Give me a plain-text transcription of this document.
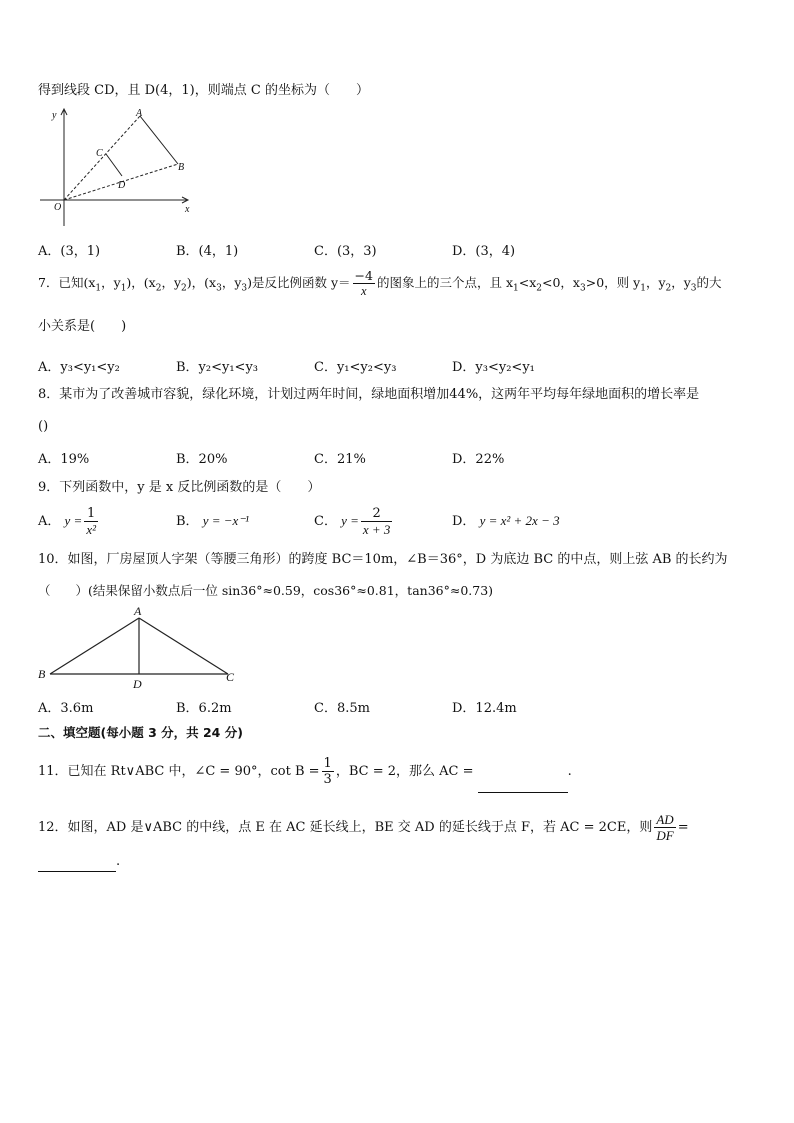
得到线段 CD，且 D(4，1)，则端点 C 的坐标为（　　）
y
x
O
A
B
C
D
A．(3，1)	B．(4，1)	C．(3，3)	D．(3，4)
7．已知($x_1$，$y_1$)，($x_2$，$y_2$)，($x_3$，$y_3$)是反比例函数 $y= \frac{-4}{x}$ 的图象上的三个点，且 $x_1<x_2<0$，$x_3>0$，则 $y_1$，$y_2$，$y_3$的大
小关系是(　　)
A．y₃<y₁<y₂	B．y₂<y₁<y₃	C．y₁<y₂<y₃	D．y₃<y₂<y₁
8．某市为了改善城市容貌，绿化环境，计划过两年时间，绿地面积增加44%，这两年平均每年绿地面积的增长率是
()
A．19%	B．20%	C．21%	D．22%
9．下列函数中，y 是 x 反比例函数的是（　　）
A． $y = \frac{1}{\text{x²}}$	B． y = −x⁻¹	C． $y = \frac{2}{x + 3}$	D． y = x² + 2x − 3
10．如图，厂房屋顶人字架（等腰三角形）的跨度 BC＝10m，∠B＝36°，D 为底边 BC 的中点，则上弦 AB 的长约为
（　　）(结果保留小数点后一位 sin36°≈0.59，cos36°≈0.81，tan36°≈0.73)
A
B	C
D
A．3.6m	B．6.2m	C．8.5m	D．12.4m
二、填空题(每小题 3 分，共 24 分)
11．已知在 Rt∨ABC 中，∠C = 90°，$\cot B = \frac{1}{3}$ ，BC = 2，那么 AC =	.
12．如图，AD 是∨ABC 的中线，点 E 在 AC 延长线上，BE 交 AD 的延长线于点 F，若 AC = 2CE，则 $\frac{AD}{DF}$ =
.
